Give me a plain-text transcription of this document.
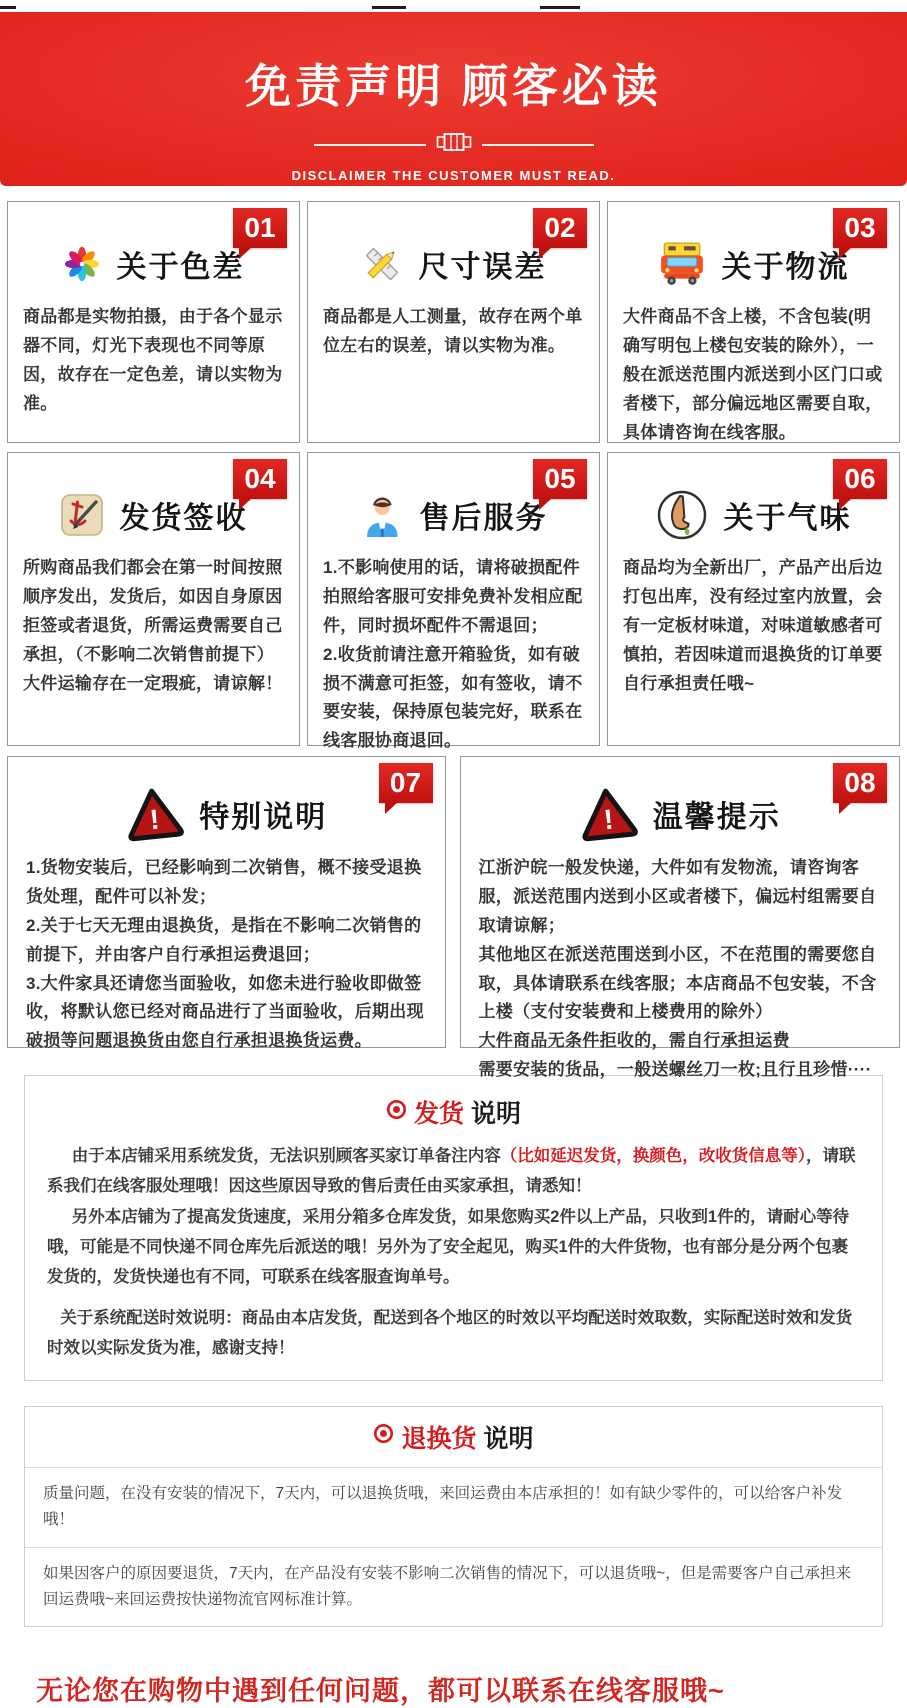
免责声明 顾客必读
DISCLAIMER THE CUSTOMER MUST READ.
01
关于色差

商品都是实物拍摄，由于各个显示器不同，灯光下表现也不同等原因，故存在一定色差，请以实物为准。

02
尺寸误差

商品都是人工测量，故存在两个单位左右的误差，请以实物为准。

03
关于物流

大件商品不含上楼，不含包装(明确写明包上楼包安装的除外），一般在派送范围内派送到小区门口或者楼下，部分偏远地区需要自取，具体请咨询在线客服。

04
发货签收

所购商品我们都会在第一时间按照顺序发出，发货后，如因自身原因拒签或者退货，所需运费需要自己承担，（不影响二次销售前提下）大件运输存在一定瑕疵，请谅解！

05
售后服务

1.不影响使用的话，请将破损配件拍照给客服可安排免费补发相应配件，同时损坏配件不需退回；

2.收货前请注意开箱验货，如有破损不满意可拒签，如有签收，请不要安装，保持原包装完好，联系在线客服协商退回。

06
关于气味

商品均为全新出厂，产品产出后边打包出库，没有经过室内放置，会有一定板材味道，对味道敏感者可慎拍，若因味道而退换货的订单要自行承担责任哦~

07
! 特别说明

1.货物安装后，已经影响到二次销售，概不接受退换货处理，配件可以补发；

2.关于七天无理由退换货，是指在不影响二次销售的前提下，并由客户自行承担运费退回；

3.大件家具还请您当面验收，如您未进行验收即做签收，将默认您已经对商品进行了当面验收，后期出现破损等问题退换货由您自行承担退换货运费。

08
! 温馨提示

江浙沪皖一般发快递，大件如有发物流，请咨询客服，派送范围内送到小区或者楼下，偏远村组需要自取请谅解；

其他地区在派送范围送到小区，不在范围的需要您自取，具体请联系在线客服；本店商品不包安装，不含上楼（支付安装费和上楼费用的除外）

大件商品无条件拒收的，需自行承担运费

需要安装的货品，一般送螺丝刀一枚;且行且珍惜····

发货 说明

由于本店铺采用系统发货，无法识别顾客买家订单备注内容（比如延迟发货，换颜色，改收货信息等），请联系我们在线客服处理哦！因这些原因导致的售后责任由买家承担，请悉知！

另外本店铺为了提高发货速度，采用分箱多仓库发货，如果您购买2件以上产品，只收到1件的，请耐心等待哦，可能是不同快递不同仓库先后派送的哦！另外为了安全起见，购买1件的大件货物，也有部分是分两个包裹发货的，发货快递也有不同，可联系在线客服查询单号。

关于系统配送时效说明：商品由本店发货，配送到各个地区的时效以平均配送时效取数，实际配送时效和发货时效以实际发货为准，感谢支持！

退换货 说明
质量问题，在没有安装的情况下，7天内，可以退换货哦，来回运费由本店承担的！如有缺少零件的，可以给客户补发哦！
如果因客户的原因要退货，7天内，在产品没有安装不影响二次销售的情况下，可以退货哦~，但是需要客户自己承担来回运费哦~来回运费按快递物流官网标准计算。
无论您在购物中遇到任何问题，都可以联系在线客服哦~
